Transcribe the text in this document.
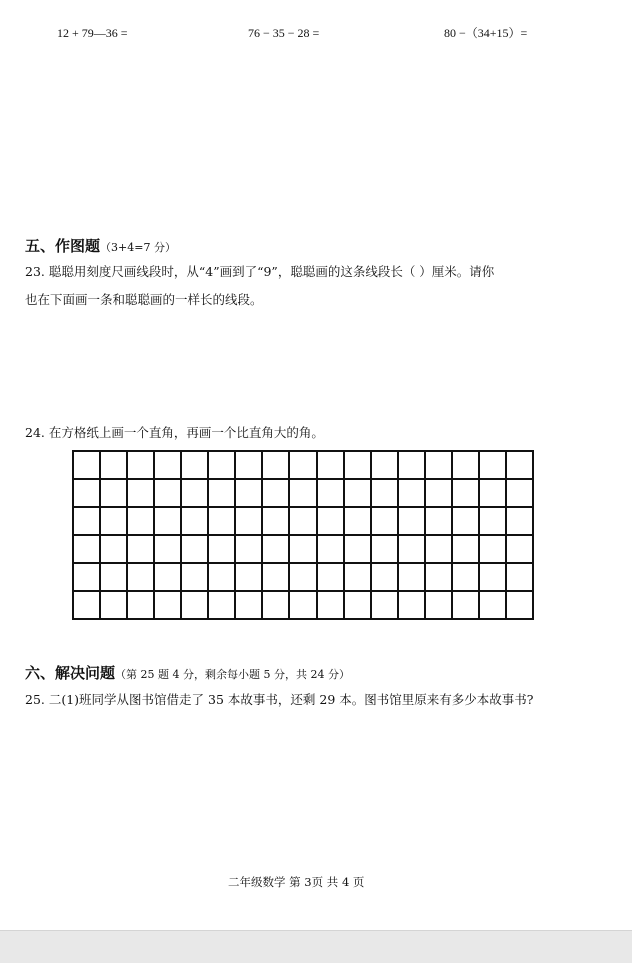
12 + 79—36 =	76 − 35 − 28 =	80 −（34+15）=
五、作图题（3+4=7 分）
23. 聪聪用刻度尺画线段时，从“4”画到了“9”，聪聪画的这条线段长（ ）厘米。请你
也在下面画一条和聪聪画的一样长的线段。
24. 在方格纸上画一个直角，再画一个比直角大的角。
六、解决问题（第 25 题 4 分，剩余每小题 5 分，共 24 分）
25. 二(1)班同学从图书馆借走了 35 本故事书，还剩 29 本。图书馆里原来有多少本故事书?
二年级数学 第 3页 共 4 页
